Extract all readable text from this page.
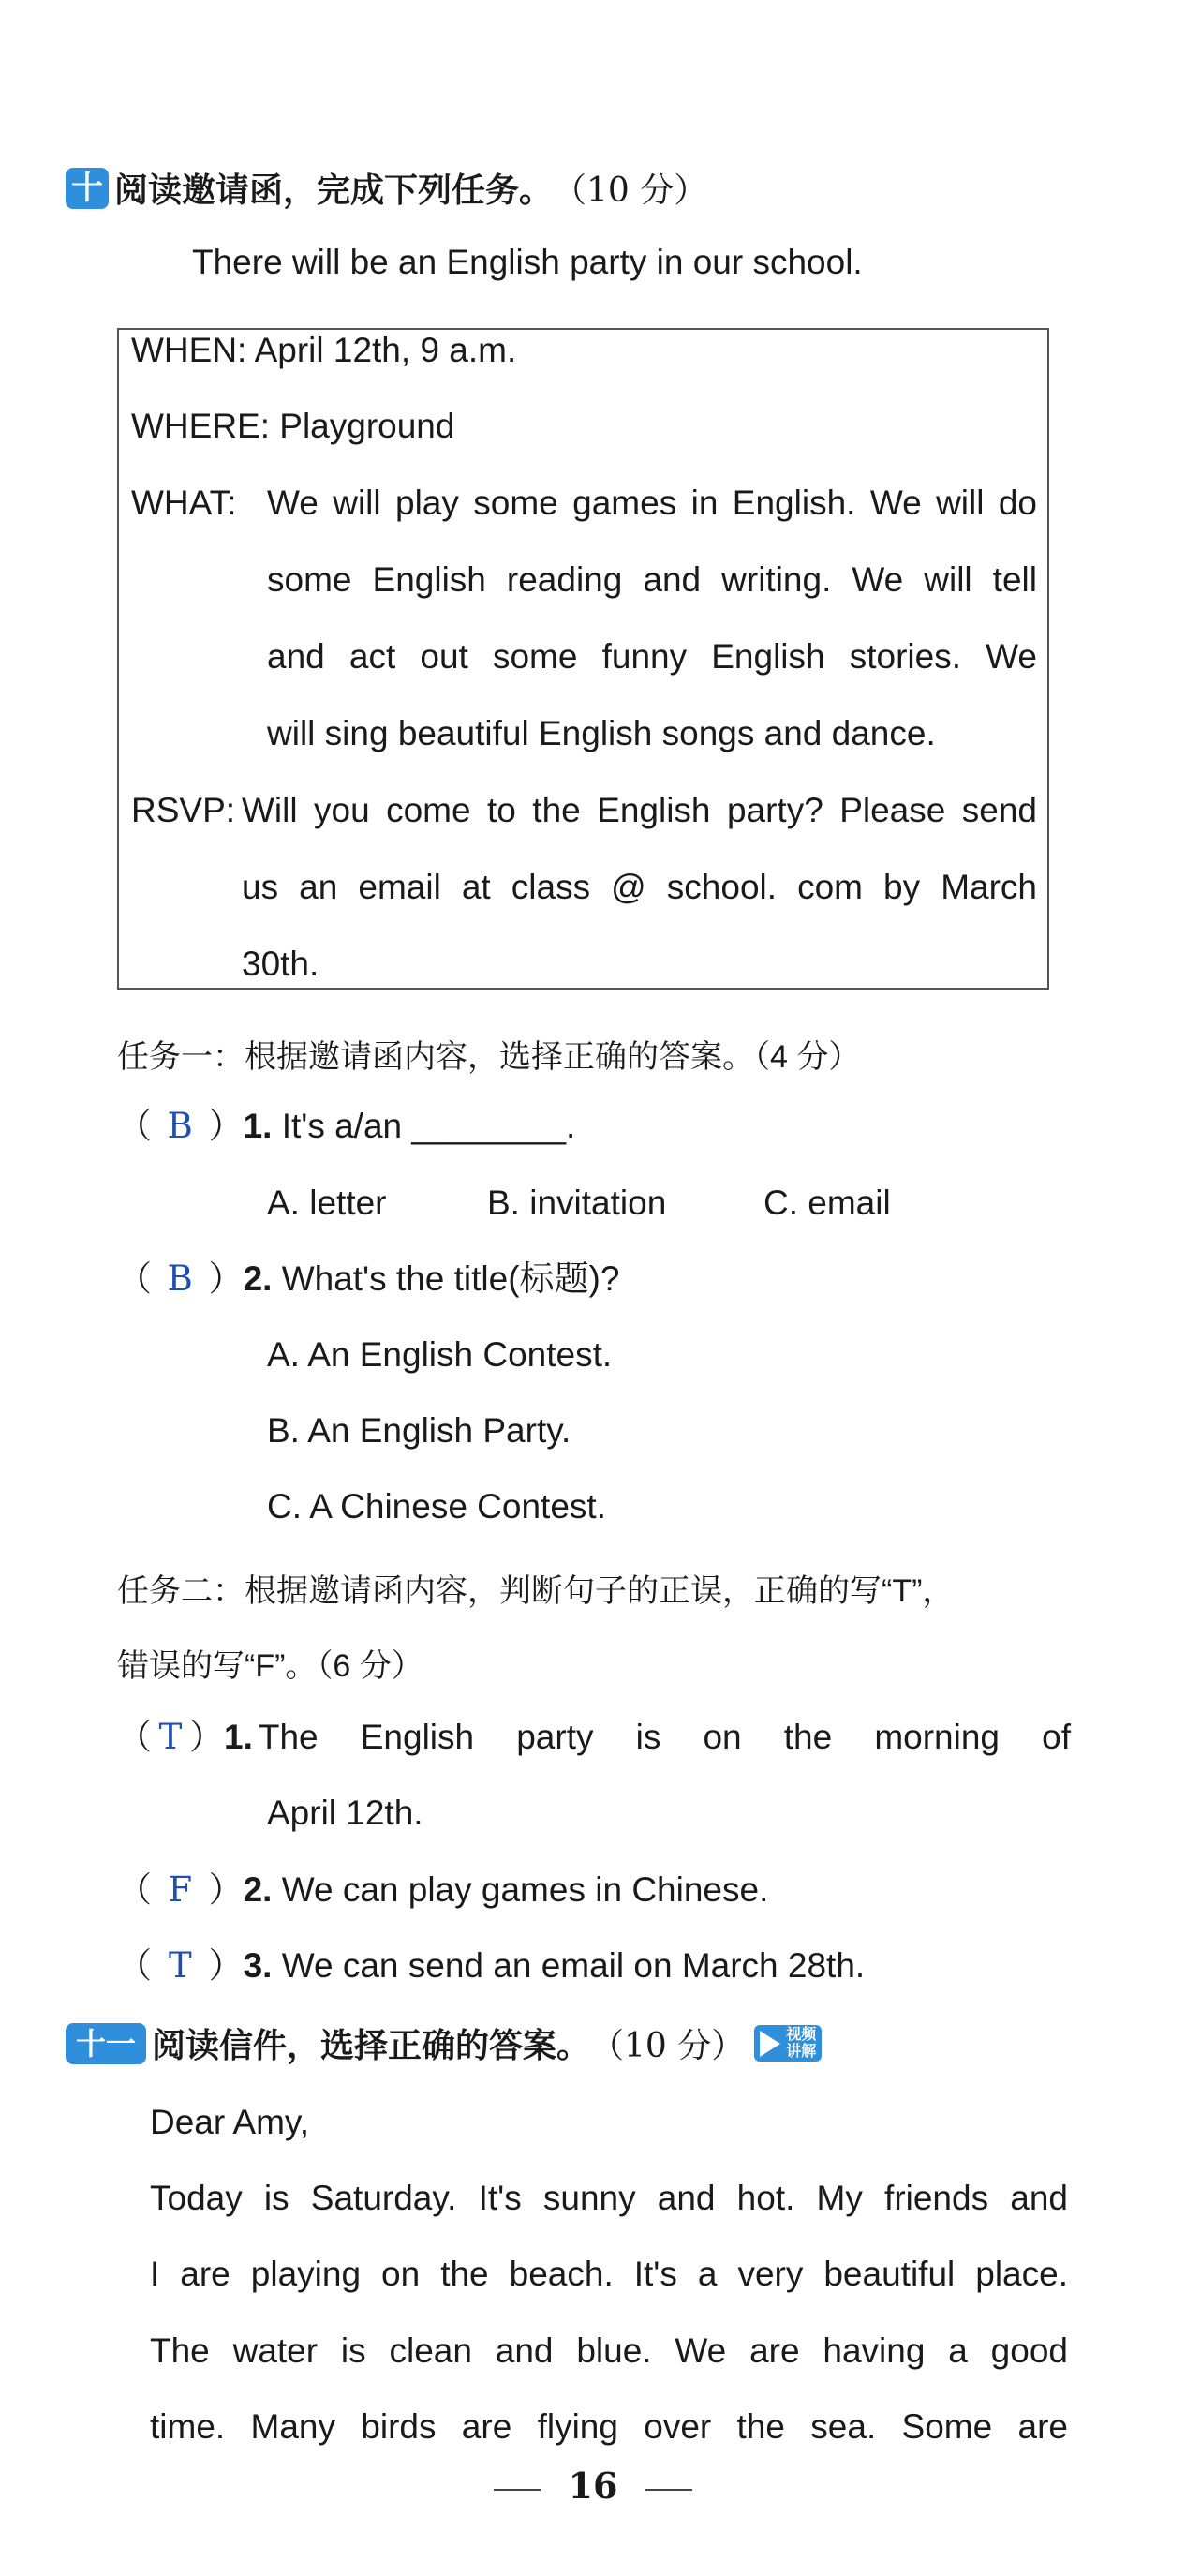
十 阅读邀请函，完成下列任务。 （10 分）
There will be an English party in our school.
WHEN: April 12th, 9 a.m.
WHERE: Playground
WHAT: We will play some games in English. We will do
some English reading and writing. We will tell
and act out some funny English stories. We
will sing beautiful English songs and dance.
RSVP: Will you come to the English party? Please send
us an email at class @ school. com by March
30th.
任务一：根据邀请函内容，选择正确的答案。（4 分）
（ B ）1. It's a/an ________.
A. letter	B. invitation	C. email
（ B ）2. What's the title(标题)?
A. An English Contest.
B. An English Party.
C. A Chinese Contest.
任务二：根据邀请函内容，判断句子的正误，正确的写“T”，
错误的写“F”。（6 分）
（ T ） 1. The English party is on the morning of
April 12th.
（ F ）2. We can play games in Chinese.
（ T ）3. We can send an email on March 28th.
十一 阅读信件，选择正确的答案。 （10 分）	视频
讲解
Dear Amy,
Today is Saturday. It's sunny and hot. My friends and
I are playing on the beach. It's a very beautiful place.
The water is clean and blue. We are having a good
time. Many birds are flying over the sea. Some are
16
